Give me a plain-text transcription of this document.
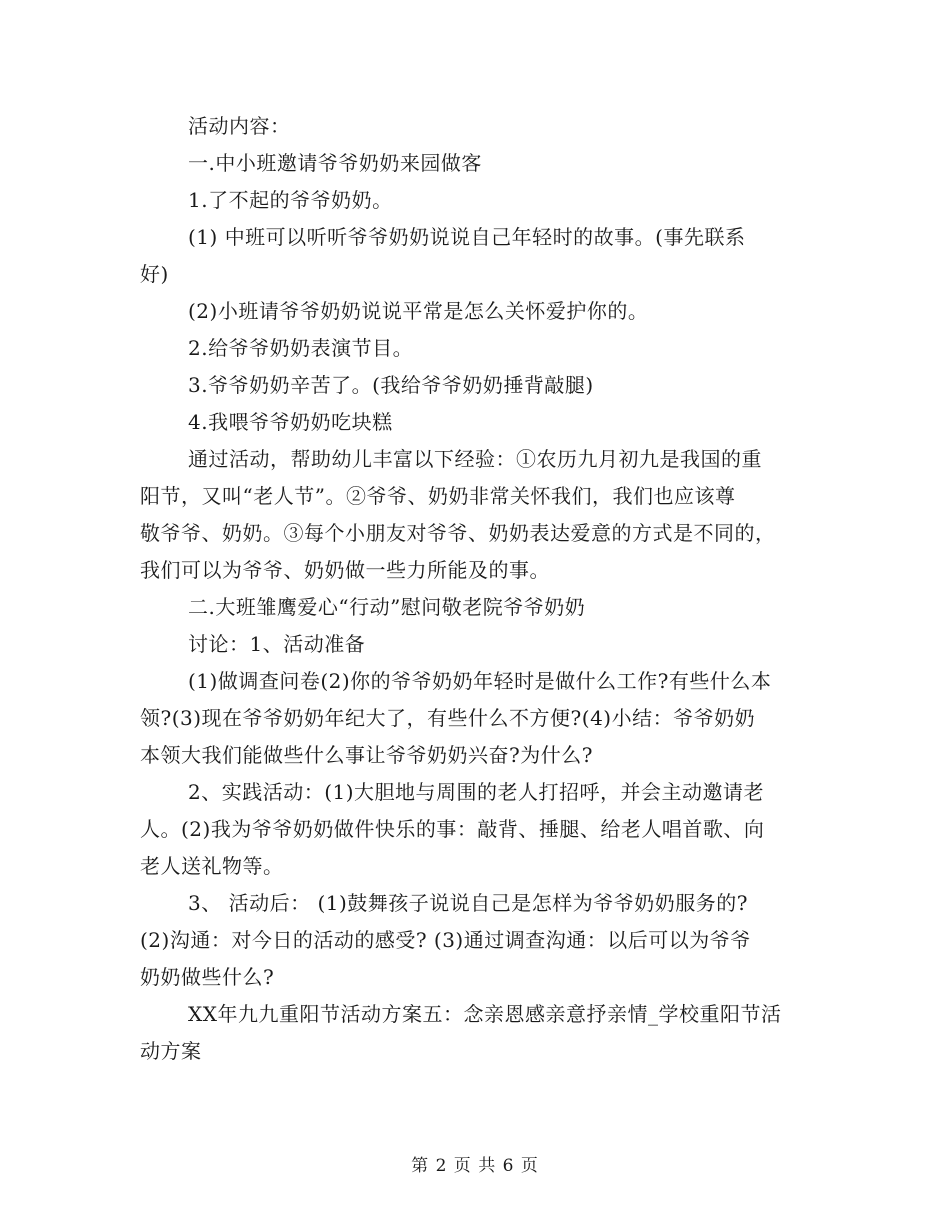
活动内容：
一.中小班邀请爷爷奶奶来园做客
1.了不起的爷爷奶奶。
(1) 中班可以听听爷爷奶奶说说自己年轻时的故事。(事先联系
好)
(2)小班请爷爷奶奶说说平常是怎么关怀爱护你的。
2.给爷爷奶奶表演节目。
3.爷爷奶奶辛苦了。(我给爷爷奶奶捶背敲腿)
4.我喂爷爷奶奶吃块糕
通过活动，帮助幼儿丰富以下经验：①农历九月初九是我国的重
阳节，又叫“老人节”。②爷爷、奶奶非常关怀我们，我们也应该尊
敬爷爷、奶奶。③每个小朋友对爷爷、奶奶表达爱意的方式是不同的，
我们可以为爷爷、奶奶做一些力所能及的事。
二.大班雏鹰爱心“行动”慰问敬老院爷爷奶奶
讨论：1、活动准备
(1)做调查问卷(2)你的爷爷奶奶年轻时是做什么工作?有些什么本
领?(3)现在爷爷奶奶年纪大了，有些什么不方便?(4)小结：爷爷奶奶
本领大我们能做些什么事让爷爷奶奶兴奋?为什么?
2、实践活动：(1)大胆地与周围的老人打招呼，并会主动邀请老
人。(2)我为爷爷奶奶做件快乐的事：敲背、捶腿、给老人唱首歌、向
老人送礼物等。
3、 活动后： (1)鼓舞孩子说说自己是怎样为爷爷奶奶服务的?
(2)沟通：对今日的活动的感受? (3)通过调查沟通：以后可以为爷爷
奶奶做些什么?
XX年九九重阳节活动方案五：念亲恩感亲意抒亲情_学校重阳节活
动方案
第 2 页 共 6 页
